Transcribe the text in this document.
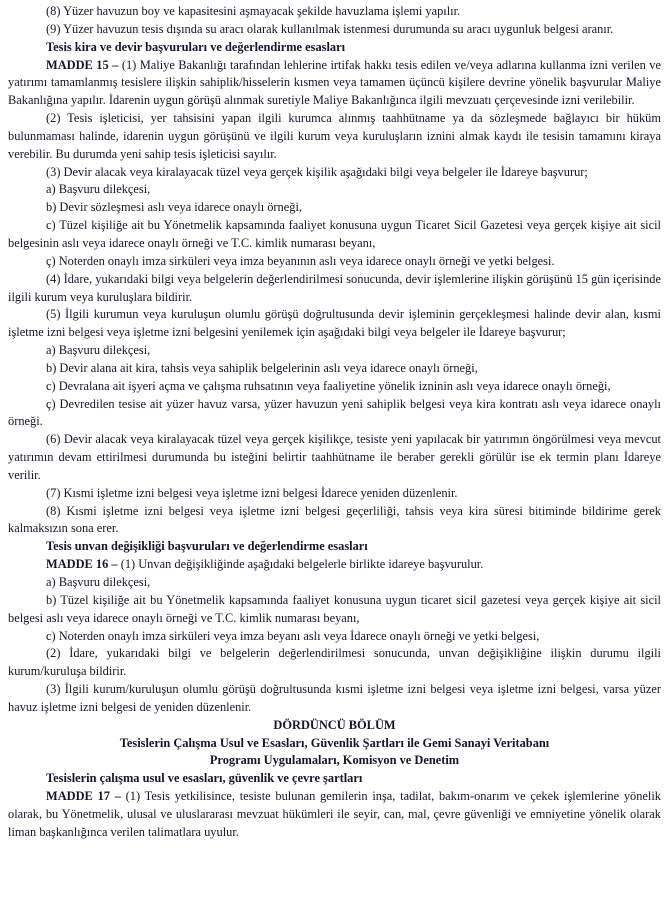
(8) Yüzer havuzun boy ve kapasitesini aşmayacak şekilde havuzlama işlemi yapılır.

(9) Yüzer havuzun tesis dışında su aracı olarak kullanılmak istenmesi durumunda su aracı uygunluk belgesi aranır.

Tesis kira ve devir başvuruları ve değerlendirme esasları

MADDE 15 – (1) Maliye Bakanlığı tarafından lehlerine irtifak hakkı tesis edilen ve/veya adlarına kullanma izni verilen ve yatırımı tamamlanmış tesislere ilişkin sahiplik/hisselerin kısmen veya tamamen üçüncü kişilere devrine yönelik başvurular Maliye Bakanlığına yapılır. İdarenin uygun görüşü alınmak suretiyle Maliye Bakanlığınca ilgili mevzuatı çerçevesinde izni verilebilir.

(2) Tesis işleticisi, yer tahsisini yapan ilgili kurumca alınmış taahhütname ya da sözleşmede bağlayıcı bir hüküm bulunmaması halinde, idarenin uygun görüşünü ve ilgili kurum veya kuruluşların iznini almak kaydı ile tesisin tamamını kiraya verebilir. Bu durumda yeni sahip tesis işleticisi sayılır.

(3) Devir alacak veya kiralayacak tüzel veya gerçek kişilik aşağıdaki bilgi veya belgeler ile İdareye başvurur;

a) Başvuru dilekçesi,

b) Devir sözleşmesi aslı veya idarece onaylı örneği,

c) Tüzel kişiliğe ait bu Yönetmelik kapsamında faaliyet konusuna uygun Ticaret Sicil Gazetesi veya gerçek kişiye ait sicil belgesinin aslı veya idarece onaylı örneği ve T.C. kimlik numarası beyanı,

ç) Noterden onaylı imza sirküleri veya imza beyanının aslı veya idarece onaylı örneği ve yetki belgesi.

(4) İdare, yukarıdaki bilgi veya belgelerin değerlendirilmesi sonucunda, devir işlemlerine ilişkin görüşünü 15 gün içerisinde ilgili kurum veya kuruluşlara bildirir.

(5) İlgili kurumun veya kuruluşun olumlu görüşü doğrultusunda devir işleminin gerçekleşmesi halinde devir alan, kısmi işletme izni belgesi veya işletme izni belgesini yenilemek için aşağıdaki bilgi veya belgeler ile İdareye başvurur;

a) Başvuru dilekçesi,

b) Devir alana ait kira, tahsis veya sahiplik belgelerinin aslı veya idarece onaylı örneği,

c) Devralana ait işyeri açma ve çalışma ruhsatının veya faaliyetine yönelik izninin aslı veya idarece onaylı örneği,

ç) Devredilen tesise ait yüzer havuz varsa, yüzer havuzun yeni sahiplik belgesi veya kira kontratı aslı veya idarece onaylı örneği.

(6) Devir alacak veya kiralayacak tüzel veya gerçek kişilikçe, tesiste yeni yapılacak bir yatırımın öngörülmesi veya mevcut yatırımın devam ettirilmesi durumunda bu isteğini belirtir taahhütname ile beraber gerekli görülür ise ek termin planı İdareye verilir.

(7) Kısmi işletme izni belgesi veya işletme izni belgesi İdarece yeniden düzenlenir.

(8) Kısmi işletme izni belgesi veya işletme izni belgesi geçerliliği, tahsis veya kira süresi bitiminde bildirime gerek kalmaksızın sona erer.

Tesis unvan değişikliği başvuruları ve değerlendirme esasları

MADDE 16 – (1) Unvan değişikliğinde aşağıdaki belgelerle birlikte idareye başvurulur.

a) Başvuru dilekçesi,

b) Tüzel kişiliğe ait bu Yönetmelik kapsamında faaliyet konusuna uygun ticaret sicil gazetesi veya gerçek kişiye ait sicil belgesi aslı veya idarece onaylı örneği ve T.C. kimlik numarası beyanı,

c) Noterden onaylı imza sirküleri veya imza beyanı aslı veya İdarece onaylı örneği ve yetki belgesi,

(2) İdare, yukarıdaki bilgi ve belgelerin değerlendirilmesi sonucunda, unvan değişikliğine ilişkin durumu ilgili kurum/kuruluşa bildirir.

(3) İlgili kurum/kuruluşun olumlu görüşü doğrultusunda kısmi işletme izni belgesi veya işletme izni belgesi, varsa yüzer havuz işletme izni belgesi de yeniden düzenlenir.

DÖRDÜNCÜ BÖLÜM

Tesislerin Çalışma Usul ve Esasları, Güvenlik Şartları ile Gemi Sanayi Veritabanı

Programı Uygulamaları, Komisyon ve Denetim

Tesislerin çalışma usul ve esasları, güvenlik ve çevre şartları

MADDE 17 – (1) Tesis yetkilisince, tesiste bulunan gemilerin inşa, tadilat, bakım-onarım ve çekek işlemlerine yönelik olarak, bu Yönetmelik, ulusal ve uluslararası mevzuat hükümleri ile seyir, can, mal, çevre güvenliği ve emniyetine yönelik olarak liman başkanlığınca verilen talimatlara uyulur.
